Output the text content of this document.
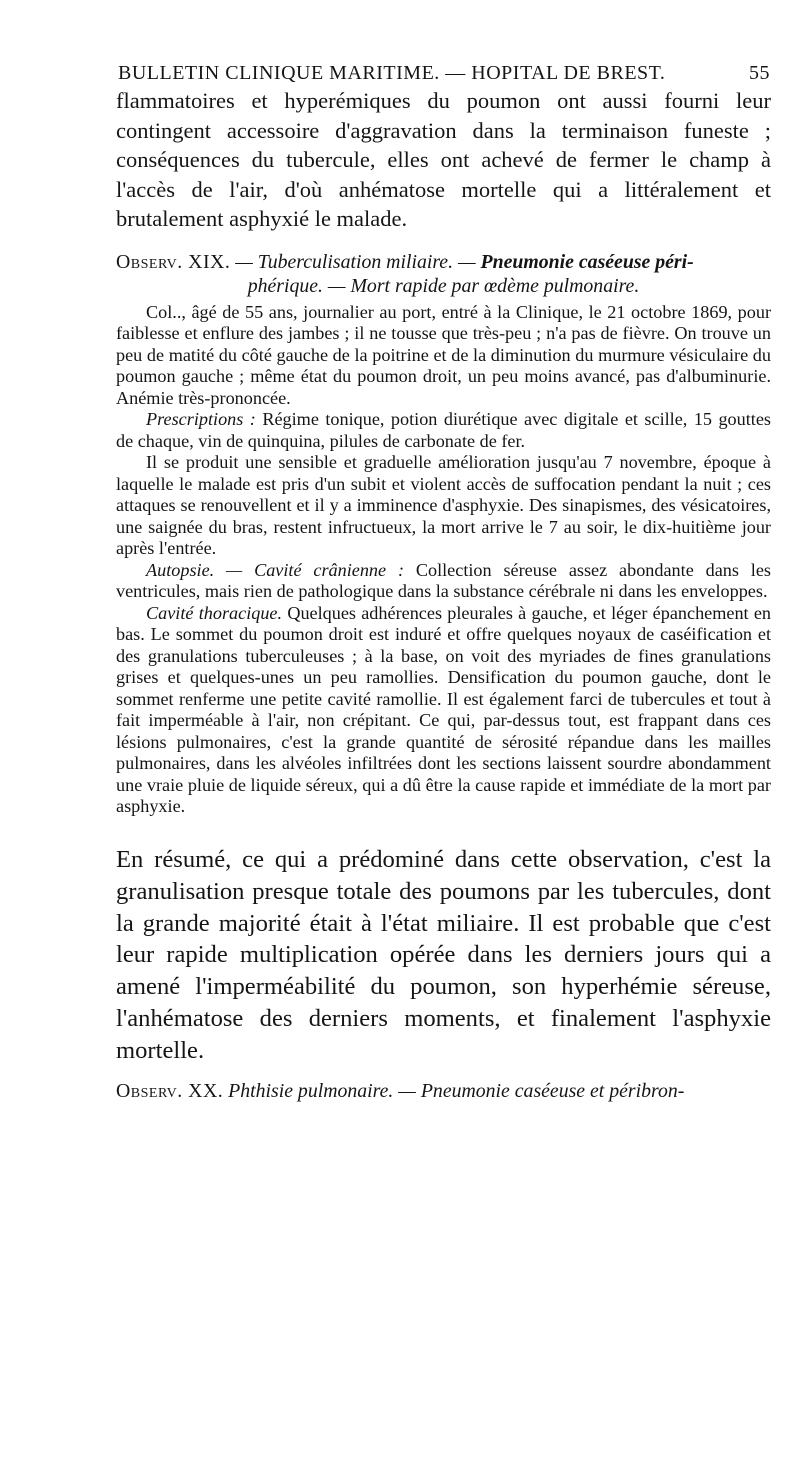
BULLETIN CLINIQUE MARITIME. — HOPITAL DE BREST.	55

flammatoires et hyperémiques du poumon ont aussi fourni leur contingent accessoire d'aggravation dans la terminaison funeste ; conséquences du tubercule, elles ont achevé de fermer le champ à l'accès de l'air, d'où anhématose mortelle qui a littéralement et brutalement asphyxié le malade.

Observ. XIX. — Tuberculisation miliaire. — Pneumonie caséeuse péri-
phérique. — Mort rapide par œdème pulmonaire.

Col.., âgé de 55 ans, journalier au port, entré à la Clinique, le 21 octobre 1869, pour faiblesse et enflure des jambes ; il ne tousse que très-peu ; n'a pas de fièvre. On trouve un peu de matité du côté gauche de la poitrine et de la diminution du murmure vésiculaire du poumon gauche ; même état du poumon droit, un peu moins avancé, pas d'albuminurie. Anémie très-prononcée.

Prescriptions : Régime tonique, potion diurétique avec digitale et scille, 15 gouttes de chaque, vin de quinquina, pilules de carbonate de fer.

Il se produit une sensible et graduelle amélioration jusqu'au 7 novembre, époque à laquelle le malade est pris d'un subit et violent accès de suffocation pendant la nuit ; ces attaques se renouvellent et il y a imminence d'asphyxie. Des sinapismes, des vésicatoires, une saignée du bras, restent infructueux, la mort arrive le 7 au soir, le dix-huitième jour après l'entrée.

Autopsie. — Cavité crânienne : Collection séreuse assez abondante dans les ventricules, mais rien de pathologique dans la substance cérébrale ni dans les enveloppes.

Cavité thoracique. Quelques adhérences pleurales à gauche, et léger épanchement en bas. Le sommet du poumon droit est induré et offre quelques noyaux de caséification et des granulations tuberculeuses ; à la base, on voit des myriades de fines granulations grises et quelques-unes un peu ramollies. Densification du poumon gauche, dont le sommet renferme une petite cavité ramollie. Il est également farci de tubercules et tout à fait imperméable à l'air, non crépitant. Ce qui, par-dessus tout, est frappant dans ces lésions pulmonaires, c'est la grande quantité de sérosité répandue dans les mailles pulmonaires, dans les alvéoles infiltrées dont les sections laissent sourdre abondamment une vraie pluie de liquide séreux, qui a dû être la cause rapide et immédiate de la mort par asphyxie.

En résumé, ce qui a prédominé dans cette observation, c'est la granulisation presque totale des poumons par les tubercules, dont la grande majorité était à l'état miliaire. Il est probable que c'est leur rapide multiplication opérée dans les derniers jours qui a amené l'imperméabilité du poumon, son hyperhémie séreuse, l'anhématose des derniers moments, et finalement l'asphyxie mortelle.

Observ. XX. Phthisie pulmonaire. — Pneumonie caséeuse et péribron-
